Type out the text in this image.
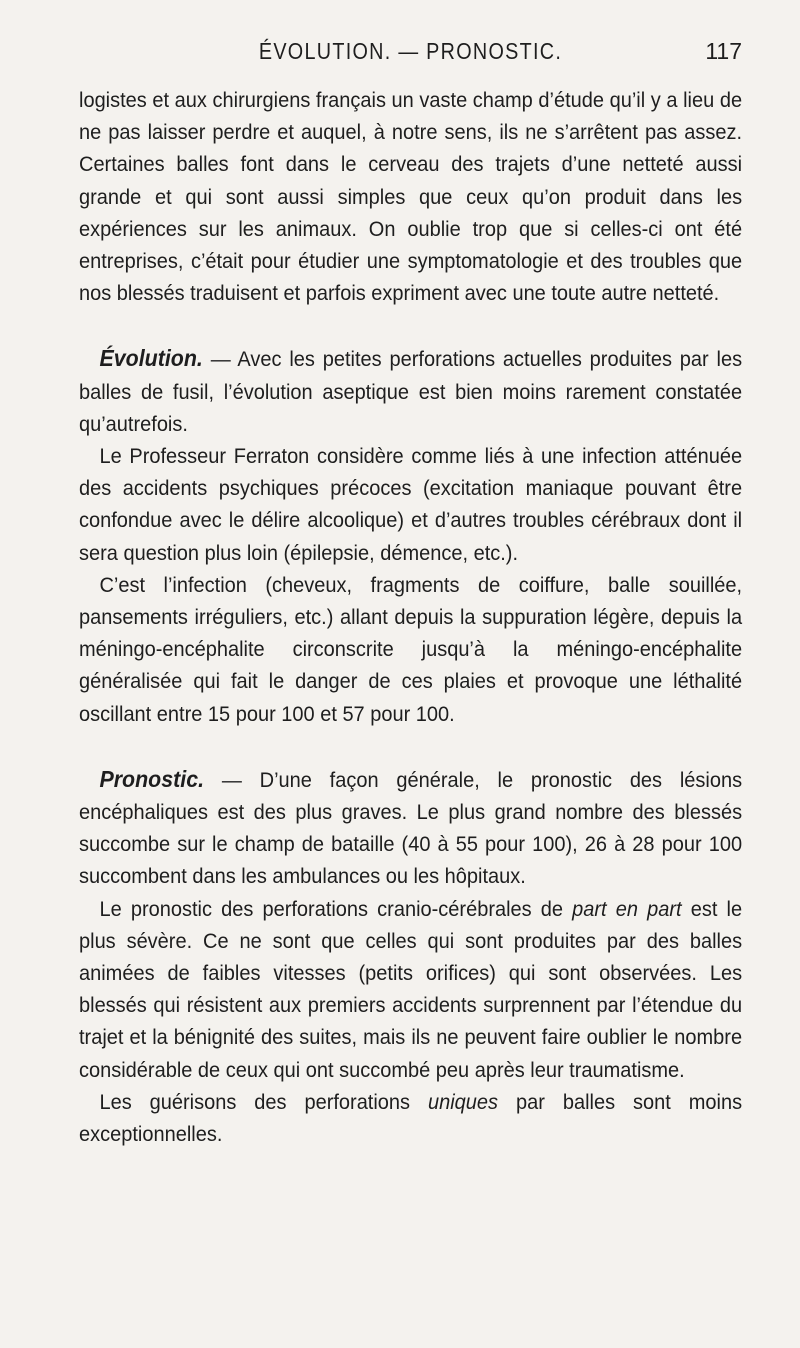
ÉVOLUTION. — PRONOSTIC.	117

logistes et aux chirurgiens français un vaste champ d’étude qu’il y a lieu de ne pas laisser perdre et auquel, à notre sens, ils ne s’arrêtent pas assez. Certaines balles font dans le cerveau des trajets d’une netteté aussi grande et qui sont aussi simples que ceux qu’on produit dans les expériences sur les animaux. On oublie trop que si celles-ci ont été entreprises, c’était pour étudier une symptomatologie et des troubles que nos blessés traduisent et parfois expriment avec une toute autre netteté.

Évolution. — Avec les petites perforations actuelles produites par les balles de fusil, l’évolution aseptique est bien moins rarement constatée qu’autrefois.

Le Professeur Ferraton considère comme liés à une infection atténuée des accidents psychiques précoces (excitation maniaque pouvant être confondue avec le délire alcoolique) et d’autres troubles cérébraux dont il sera question plus loin (épilepsie, démence, etc.).

C’est l’infection (cheveux, fragments de coiffure, balle souillée, pansements irréguliers, etc.) allant depuis la suppuration légère, depuis la méningo-encéphalite circonscrite jusqu’à la méningo-encéphalite généralisée qui fait le danger de ces plaies et provoque une léthalité oscillant entre 15 pour 100 et 57 pour 100.

Pronostic. — D’une façon générale, le pronostic des lésions encéphaliques est des plus graves. Le plus grand nombre des blessés succombe sur le champ de bataille (40 à 55 pour 100), 26 à 28 pour 100 succombent dans les ambulances ou les hôpitaux.

Le pronostic des perforations cranio-cérébrales de part en part est le plus sévère. Ce ne sont que celles qui sont produites par des balles animées de faibles vitesses (petits orifices) qui sont observées. Les blessés qui résistent aux premiers accidents surprennent par l’étendue du trajet et la bénignité des suites, mais ils ne peuvent faire oublier le nombre considérable de ceux qui ont succombé peu après leur traumatisme.

Les guérisons des perforations uniques par balles sont moins exceptionnelles.
